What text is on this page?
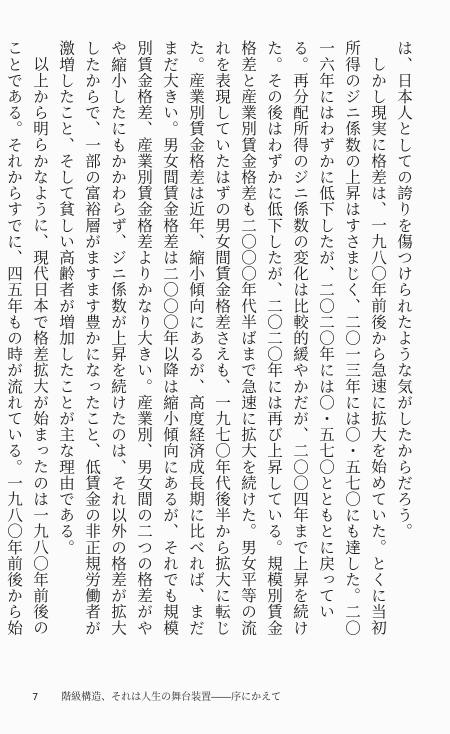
は、日本人としての誇りを傷つけられたような気がしたからだろう。

しかし現実に格差は、一九八〇年前後から急速に拡大を始めていた。とくに当初所得のジニ係数の上昇はすさまじく、二〇一三年には〇・五七〇にも達した。二〇一六年にはわずかに低下したが、二〇二〇年には〇・五七〇とともとに戻っている。再分配所得のジニ係数の変化は比較的緩やかだが、二〇〇四年まで上昇を続けた。その後はわずかに低下したが、二〇二〇年には再び上昇している。規模別賃金格差と産業別賃金格差も二〇〇〇年代半ばまで急速に拡大を続けた。男女平等の流れを表現していたはずの男女間賃金格差さえも、一九七〇年代後半から拡大に転じた。産業別賃金格差は近年、縮小傾向にあるが、高度経済成長期に比べれば、まだまだ大きい。男女間賃金格差は二〇〇〇年以降は縮小傾向にあるが、それでも規模別賃金格差、産業別賃金格差よりかなり大きい。産業別、男女間の二つの格差がやや縮小したにもかかわらず、ジニ係数が上昇を続けたのは、それ以外の格差が拡大したからで、一部の富裕層がますます豊かになったこと、低賃金の非正規労働者が激増したこと、そして貧しい高齢者が増加したことが主な理由である。

以上から明らかなように、現代日本で格差拡大が始まったのは一九八〇年前後のことである。それからすでに、四五年もの時が流れている。一九八〇年前後から始

7 階級構造、それは人生の舞台装置――序にかえて
